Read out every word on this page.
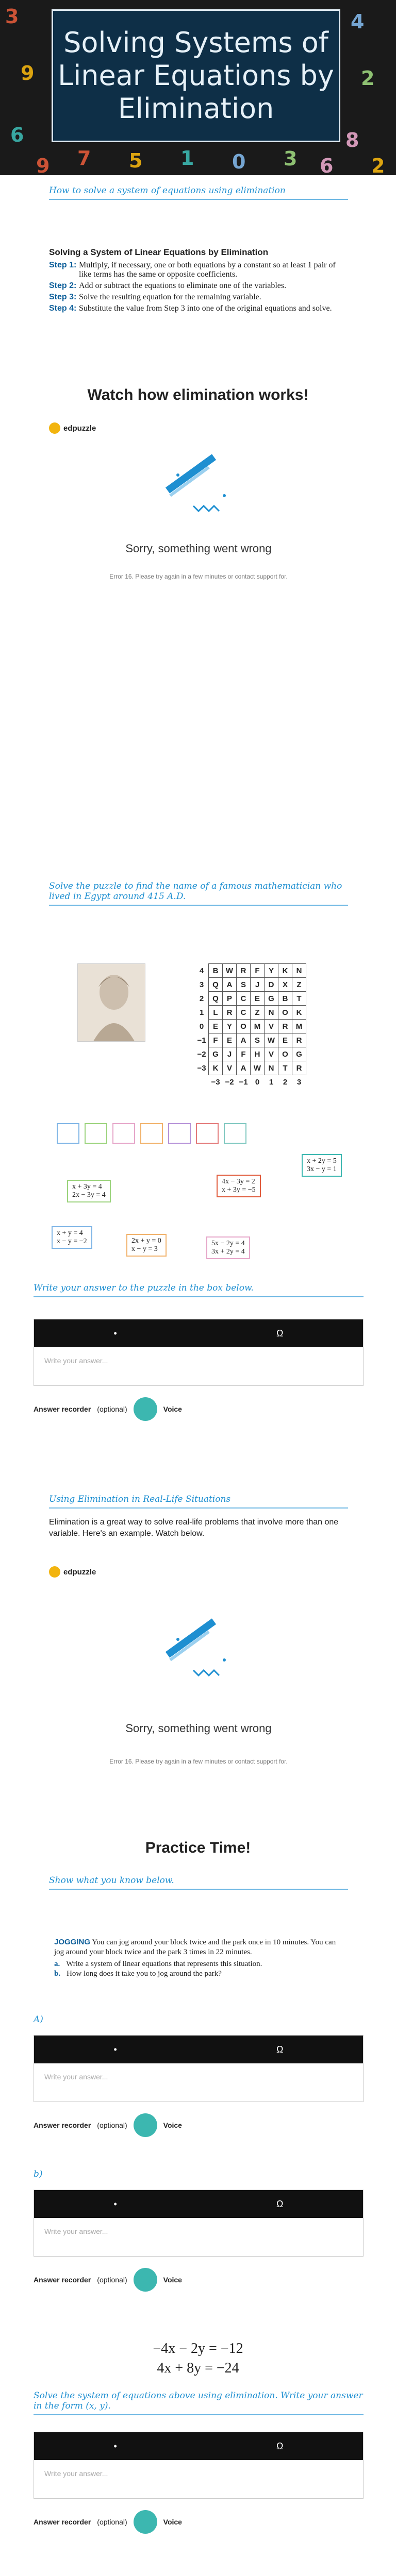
3
9
6
4
2
8
7 5 1 0 3 6
9	2
Solving Systems of Linear Equations by Elimination
How to solve a system of equations using elimination
Solving a System of Linear Equations by Elimination
Step 1: Multiply, if necessary, one or both equations by a constant so at least 1 pair of like terms has the same or opposite coefficients.
Step 2: Add or subtract the equations to eliminate one of the variables.
Step 3: Solve the resulting equation for the remaining variable.
Step 4: Substitute the value from Step 3 into one of the original equations and solve.
Watch how elimination works!
edpuzzle
Sorry, something went wrong
Error 16. Please try again in a few minutes or contact support for.
Solve the puzzle to find the name of a famous mathematician who lived in Egypt around 415 A.D.
4	B	W	R	F	Y	K	N
3	Q	A	S	J	D	X	Z
2	Q	P	C	E	G	B	T
1	L	R	C	Z	N	O	K
0	E	Y	O	M	V	R	M
−1	F	E	A	S	W	E	R
−2	G	J	F	H	V	O	G
−3	K	V	A	W	N	T	R
	−3	−2	−1	0	1	2	3
x + 2y = 5
3x − y = 1
x + 3y = 4
2x − 3y = 4
4x − 3y = 2
x + 3y = −5
x + y = 4
x − y = −2	2x + y = 0
x − y = 3
5x − 2y = 4
3x + 2y = 4
Write your answer to the puzzle in the box below.
•	Ω
Write your answer...
Answer recorder (optional)	Voice
Using Elimination in Real-Life Situations
Elimination is a great way to solve real-life problems that involve more than one variable. Here's an example. Watch below.
edpuzzle
Sorry, something went wrong
Error 16. Please try again in a few minutes or contact support for.
Practice Time!
Show what you know below.
JOGGING You can jog around your block twice and the park once in 10 minutes. You can jog around your block twice and the park 3 times in 22 minutes.
a. Write a system of linear equations that represents this situation.
b. How long does it take you to jog around the park?
A)
b)
•	Ω
Write your answer...
Answer recorder (optional)	Voice
•	Ω
Write your answer...
Answer recorder (optional)	Voice
−4x − 2y = −12
4x + 8y = −24
Solve the system of equations above using elimination. Write your answer in the form (x, y).
•	Ω
Write your answer...
Answer recorder (optional)	Voice
